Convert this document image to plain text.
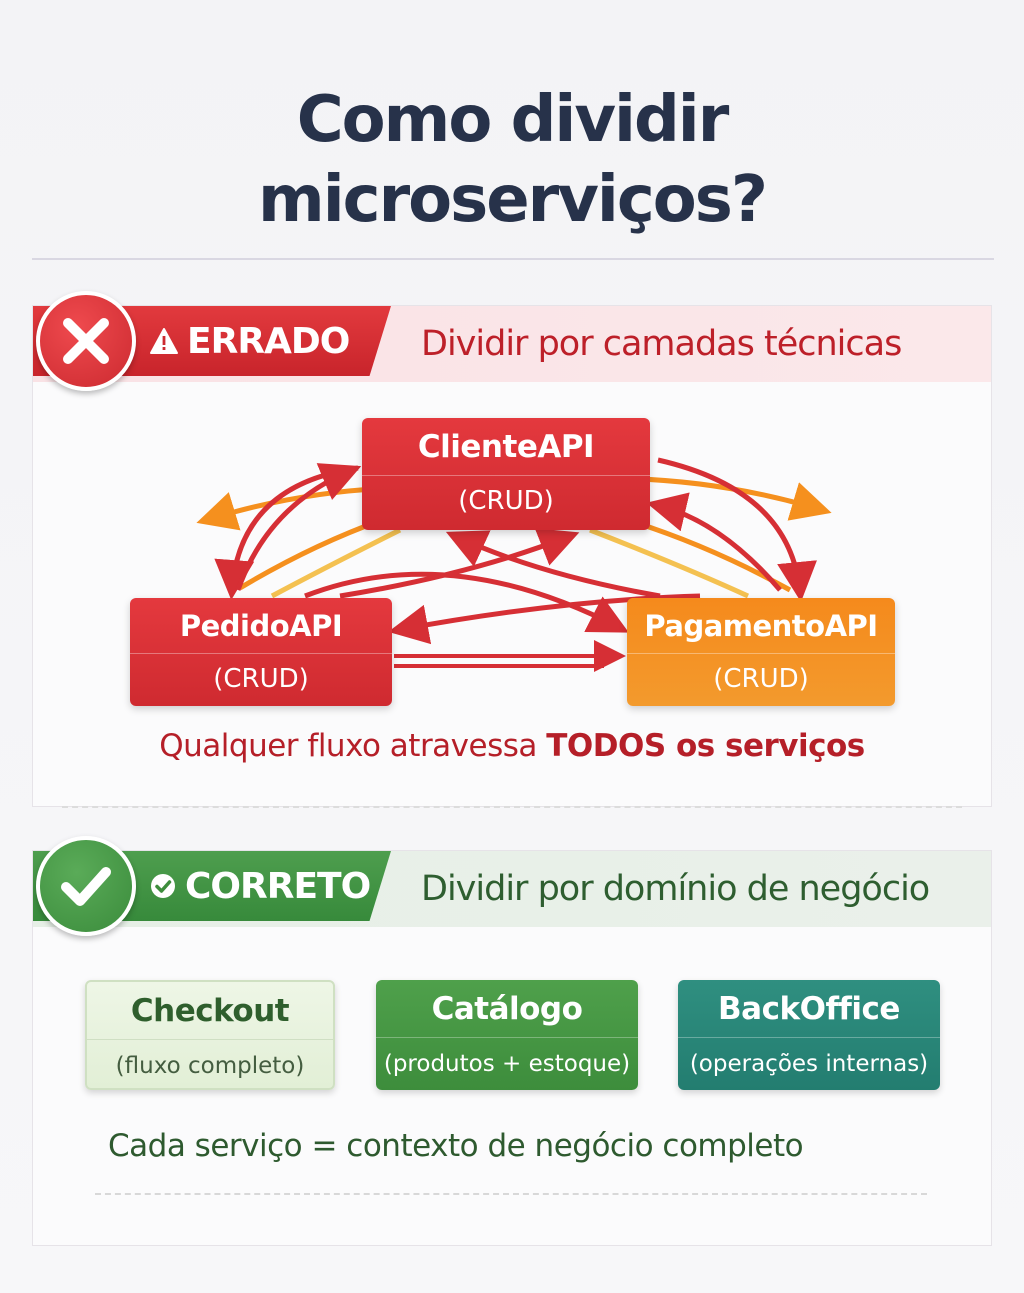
Como dividir
microserviços?
ERRADO Dividir por camadas técnicas
ClienteAPI
(CRUD)
PedidoAPI
(CRUD)
PagamentoAPI
(CRUD)
Qualquer fluxo atravessa TODOS os serviços
CORRETO Dividir por domínio de negócio
Checkout
(fluxo completo)
Catálogo
(produtos + estoque)
BackOffice
(operações internas)
Cada serviço = contexto de negócio completo
